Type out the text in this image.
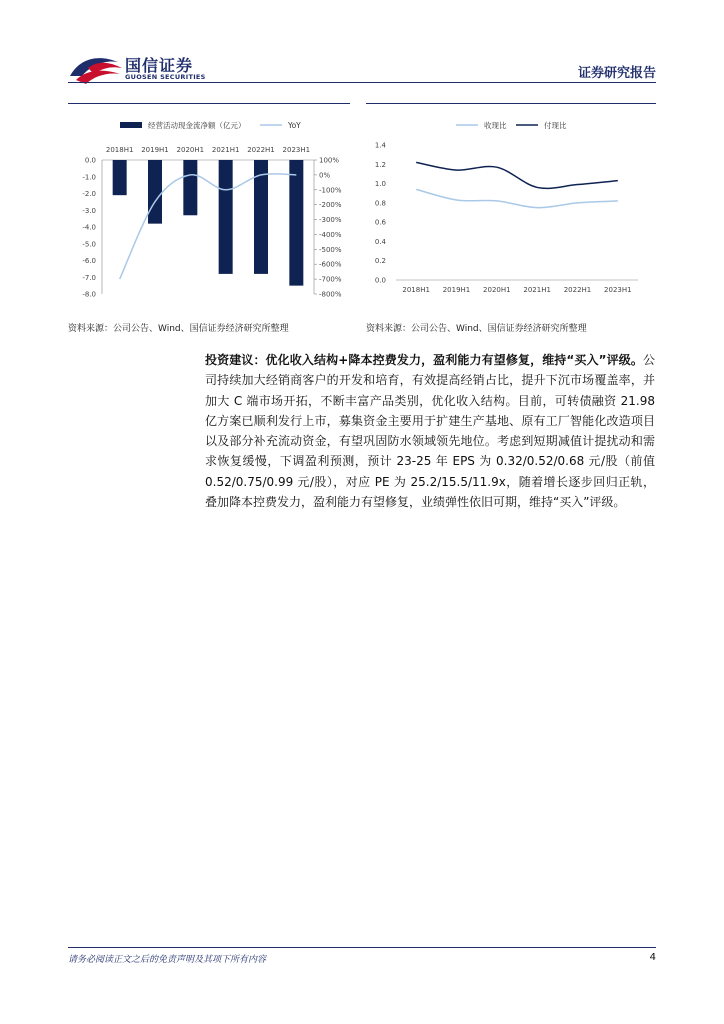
国信证券
GUOSEN SECURITIES	证券研究报告
经营活动现金流净额（亿元）	YoY
0.0
-1.0
-2.0
-3.0
-4.0
-5.0
-6.0
-7.0
-8.0
100%
0%
-100%
-200%
-300%
-400%
-500%
-600%
-700%
-800%
2018H1 2019H1 2020H1 2021H1 2022H1 2023H1
资料来源：公司公告、Wind、国信证券经济研究所整理
收现比	付现比
0.0
0.2
0.4
0.6
0.8
1.0
1.2
1.4
2018H1 2019H1 2020H1 2021H1 2022H1 2023H1
资料来源：公司公告、Wind、国信证券经济研究所整理
投资建议：优化收入结构+降本控费发力，盈利能力有望修复，维持“买入”评级。公司持续加大经销商客户的开发和培育，有效提高经销占比，提升下沉市场覆盖率，并加大 C 端市场开拓，不断丰富产品类别，优化收入结构。目前，可转债融资 21.98 亿方案已顺利发行上市，募集资金主要用于扩建生产基地、原有工厂智能化改造项目以及部分补充流动资金，有望巩固防水领域领先地位。考虑到短期减值计提扰动和需求恢复缓慢，下调盈利预测，预计 23-25 年 EPS 为 0.32/0.52/0.68 元/股（前值 0.52/0.75/0.99 元/股），对应 PE 为 25.2/15.5/11.9x，随着增长逐步回归正轨，叠加降本控费发力，盈利能力有望修复，业绩弹性依旧可期，维持“买入”评级。
请务必阅读正文之后的免责声明及其项下所有内容	4
